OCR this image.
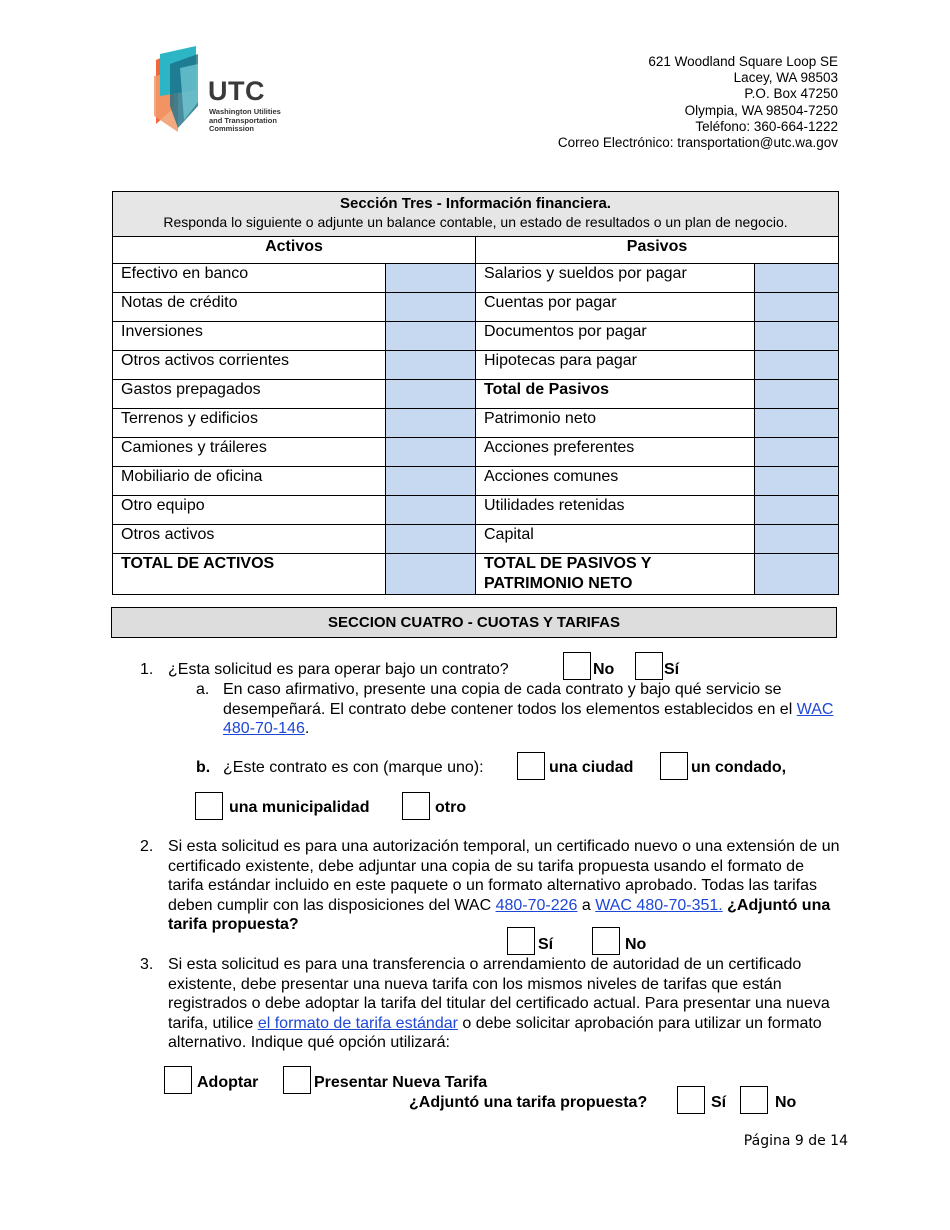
UTC
Washington Utilities
and Transportation
Commission
621 Woodland Square Loop SE
Lacey, WA 98503
P.O. Box 47250
Olympia, WA 98504-7250
Teléfono: 360-664-1222
Correo Electrónico: transportation@utc.wa.gov
Sección Tres - Información financiera.
Responda lo siguiente o adjunte un balance contable, un estado de resultados o un plan de negocio.			

Activos		Pasivos	
Efectivo en banco		Salarios y sueldos por pagar	
Notas de crédito		Cuentas por pagar	
Inversiones		Documentos por pagar	
Otros activos corrientes		Hipotecas para pagar	
Gastos prepagados		Total de Pasivos	
Terrenos y edificios		Patrimonio neto	
Camiones y tráileres		Acciones preferentes	
Mobiliario de oficina		Acciones comunes	
Otro equipo		Utilidades retenidas	
Otros activos		Capital	
TOTAL DE ACTIVOS		TOTAL DE PASIVOS Y PATRIMONIO NETO	
SECCION CUATRO - CUOTAS Y TARIFAS
1. ¿Esta solicitud es para operar bajo un contrato?	No	Sí
a. En caso afirmativo, presente una copia de cada contrato y bajo qué servicio se desempeñará. El contrato debe contener todos los elementos establecidos en el WAC 480-70-146.
b. ¿Este contrato es con (marque uno):	una ciudad	un condado,
una municipalidad	otro
2. Si esta solicitud es para una autorización temporal, un certificado nuevo o una extensión de un certificado existente, debe adjuntar una copia de su tarifa propuesta usando el formato de tarifa estándar incluido en este paquete o un formato alternativo aprobado. Todas las tarifas deben cumplir con las disposiciones del WAC 480-70-226 a WAC 480-70-351. ¿Adjuntó una tarifa propuesta?
Sí	No
3. Si esta solicitud es para una transferencia o arrendamiento de autoridad de un certificado existente, debe presentar una nueva tarifa con los mismos niveles de tarifas que están registrados o debe adoptar la tarifa del titular del certificado actual. Para presentar una nueva tarifa, utilice el formato de tarifa estándar o debe solicitar aprobación para utilizar un formato alternativo. Indique qué opción utilizará:
Adoptar	Presentar Nueva Tarifa
¿Adjuntó una tarifa propuesta?	Sí	No
Página 9 de 14
